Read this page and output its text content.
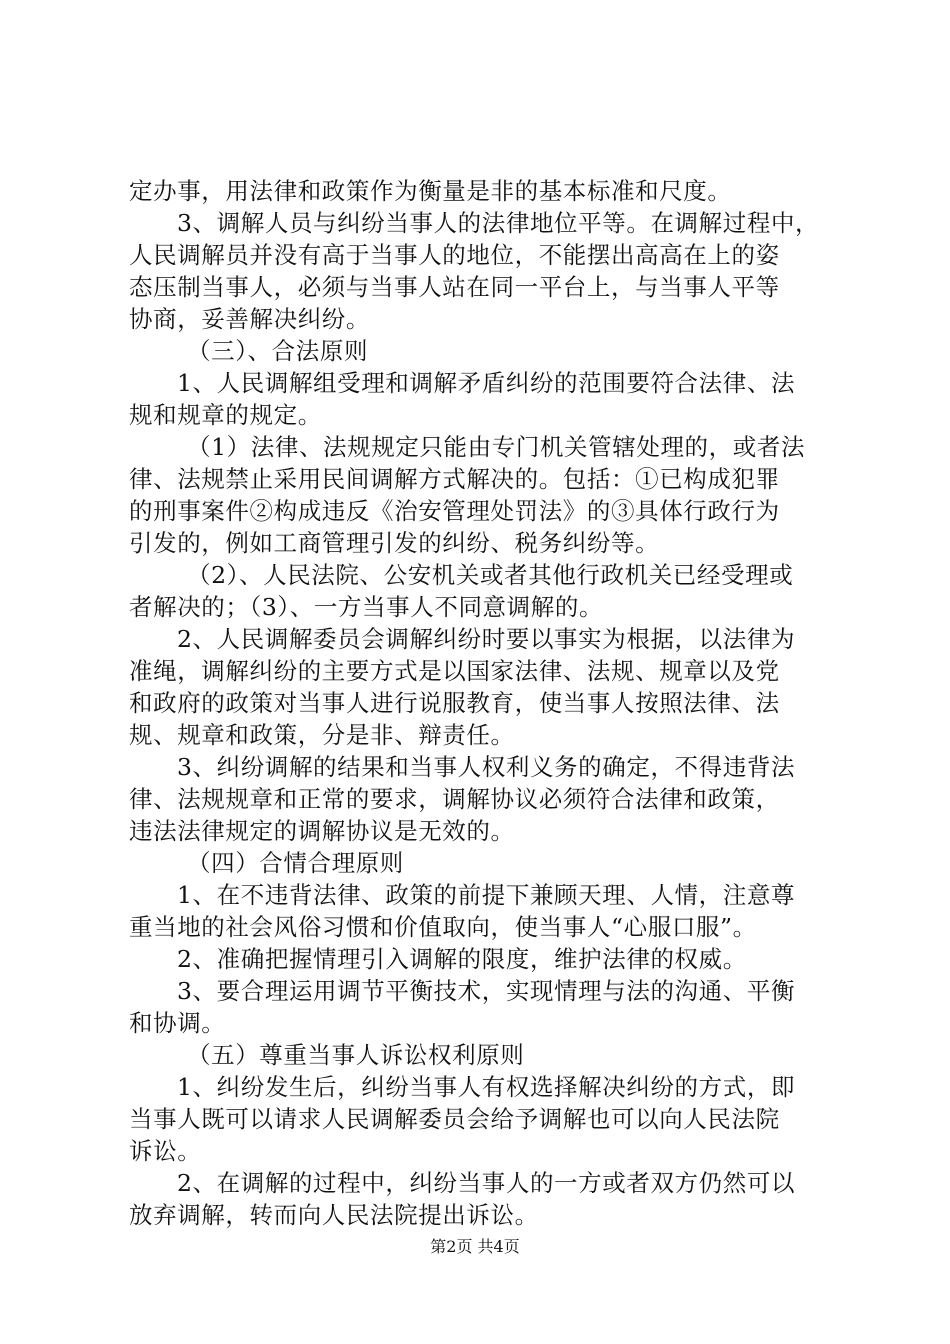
定办事，用法律和政策作为衡量是非的基本标准和尺度。
3、调解人员与纠纷当事人的法律地位平等。在调解过程中，
人民调解员并没有高于当事人的地位，不能摆出高高在上的姿
态压制当事人，必须与当事人站在同一平台上，与当事人平等
协商，妥善解决纠纷。
（三）、合法原则
1、人民调解组受理和调解矛盾纠纷的范围要符合法律、法
规和规章的规定。
（1）法律、法规规定只能由专门机关管辖处理的，或者法
律、法规禁止采用民间调解方式解决的。包括：①已构成犯罪
的刑事案件②构成违反《治安管理处罚法》的③具体行政行为
引发的，例如工商管理引发的纠纷、税务纠纷等。
（2）、人民法院、公安机关或者其他行政机关已经受理或
者解决的；（3）、一方当事人不同意调解的。
2、人民调解委员会调解纠纷时要以事实为根据，以法律为
准绳，调解纠纷的主要方式是以国家法律、法规、规章以及党
和政府的政策对当事人进行说服教育，使当事人按照法律、法
规、规章和政策，分是非、辩责任。
3、纠纷调解的结果和当事人权利义务的确定，不得违背法
律、法规规章和正常的要求，调解协议必须符合法律和政策，
违法法律规定的调解协议是无效的。
（四）合情合理原则
1、在不违背法律、政策的前提下兼顾天理、人情，注意尊
重当地的社会风俗习惯和价值取向，使当事人“心服口服”。
2、准确把握情理引入调解的限度，维护法律的权威。
3、要合理运用调节平衡技术，实现情理与法的沟通、平衡
和协调。
（五）尊重当事人诉讼权利原则
1、纠纷发生后，纠纷当事人有权选择解决纠纷的方式，即
当事人既可以请求人民调解委员会给予调解也可以向人民法院
诉讼。
2、在调解的过程中，纠纷当事人的一方或者双方仍然可以
放弃调解，转而向人民法院提出诉讼。
第2页 共4页
